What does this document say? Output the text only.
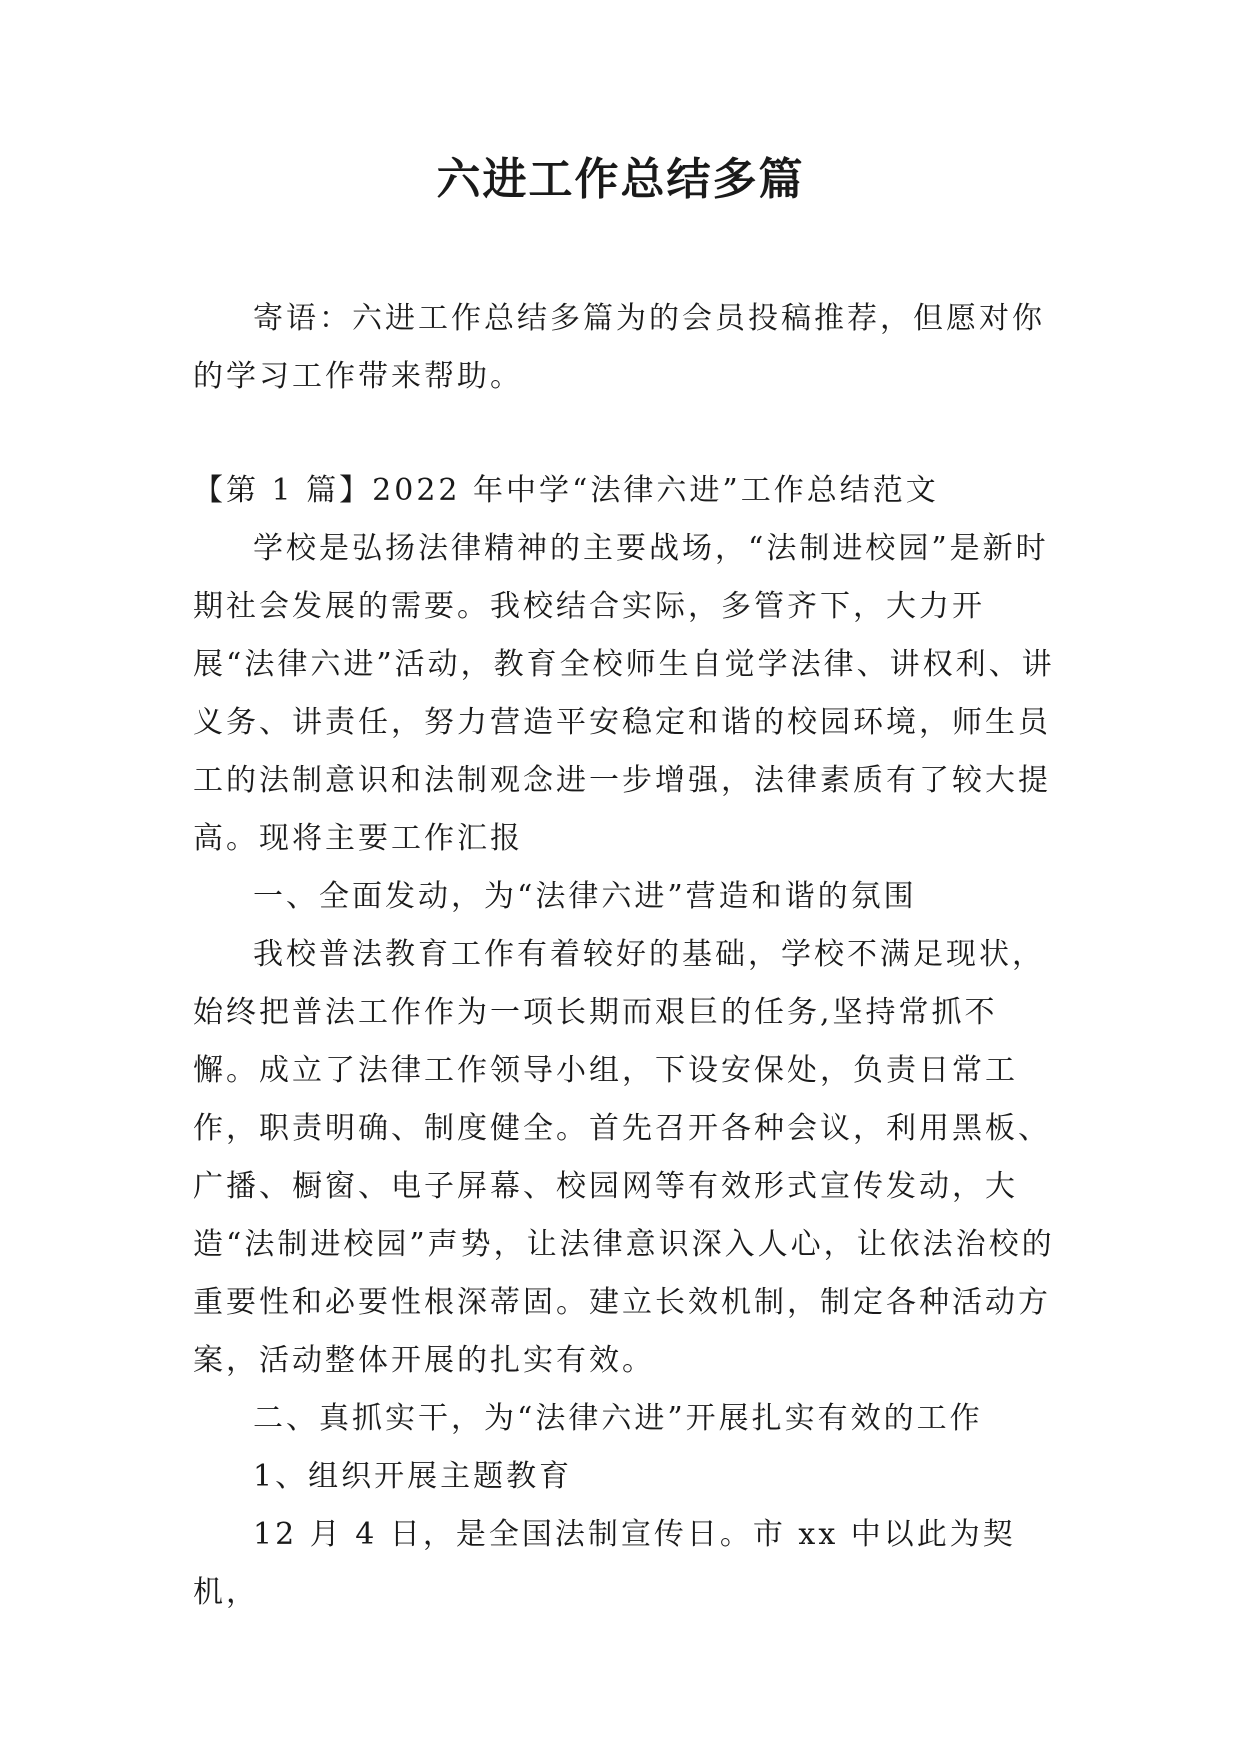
六进工作总结多篇

寄语：六进工作总结多篇为的会员投稿推荐，但愿对你的学习工作带来帮助。

【第 1 篇】2022 年中学“法律六进”工作总结范文

学校是弘扬法律精神的主要战场，“法制进校园”是新时期社会发展的需要。我校结合实际，多管齐下，大力开展“法律六进”活动，教育全校师生自觉学法律、讲权利、讲义务、讲责任，努力营造平安稳定和谐的校园环境，师生员工的法制意识和法制观念进一步增强，法律素质有了较大提高。现将主要工作汇报

一、全面发动，为“法律六进”营造和谐的氛围

我校普法教育工作有着较好的基础，学校不满足现状，始终把普法工作作为一项长期而艰巨的任务,坚持常抓不懈。成立了法律工作领导小组，下设安保处，负责日常工作，职责明确、制度健全。首先召开各种会议，利用黑板、广播、橱窗、电子屏幕、校园网等有效形式宣传发动，大造“法制进校园”声势，让法律意识深入人心，让依法治校的重要性和必要性根深蒂固。建立长效机制，制定各种活动方案，活动整体开展的扎实有效。

二、真抓实干，为“法律六进”开展扎实有效的工作

1、组织开展主题教育

12 月 4 日，是全国法制宣传日。市 xx 中以此为契机，
